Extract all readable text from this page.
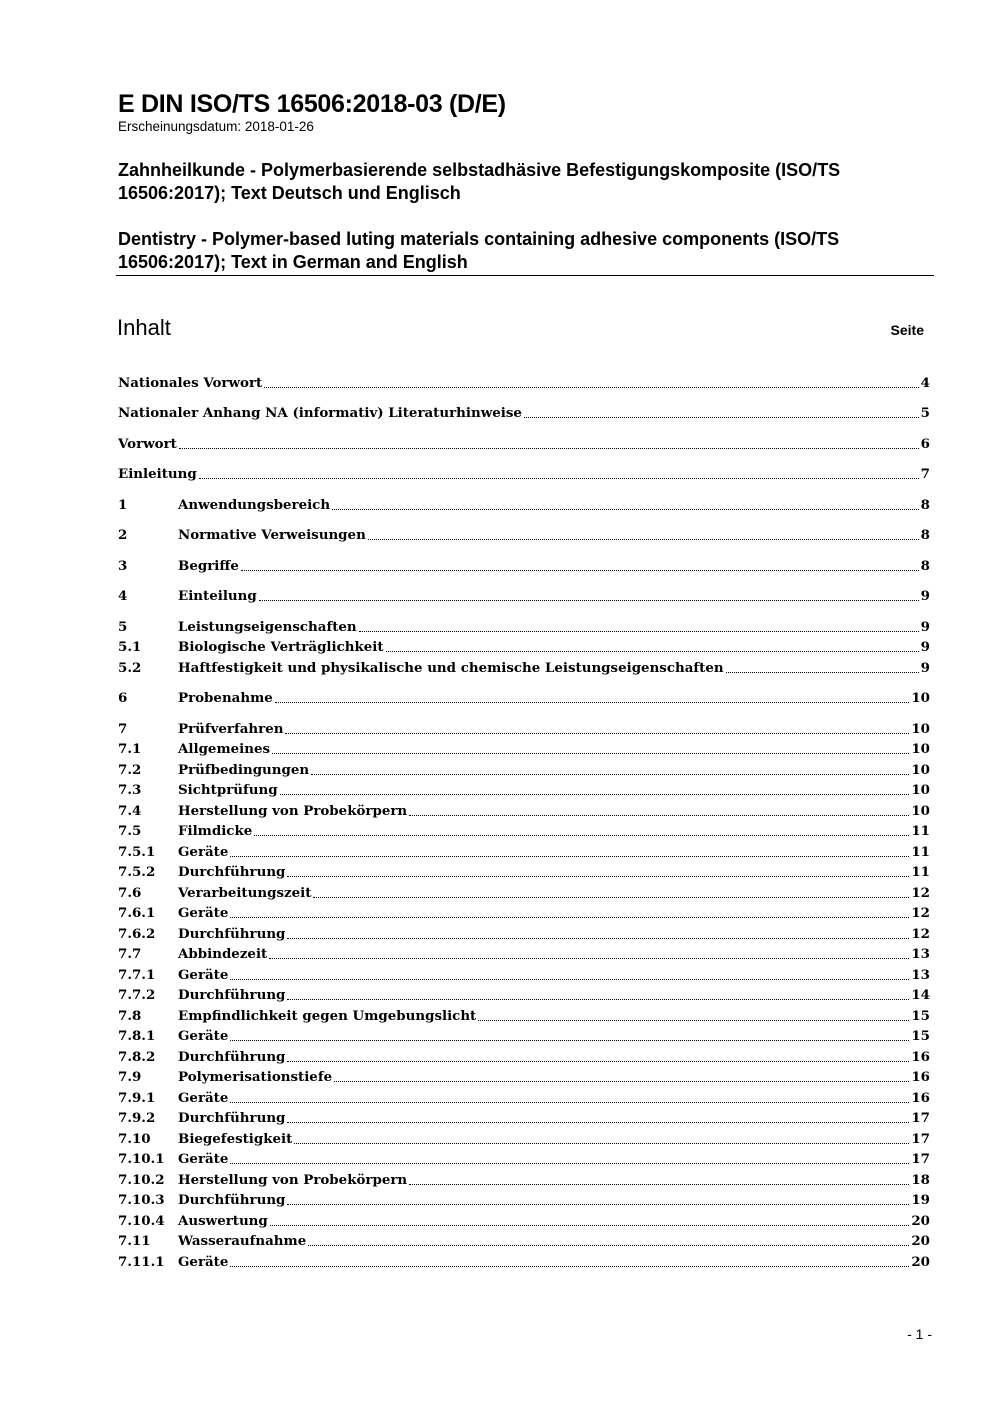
E DIN ISO/TS 16506:2018-03 (D/E)
Erscheinungsdatum: 2018-01-26
Zahnheilkunde - Polymerbasierende selbstadhäsive Befestigungskomposite (ISO/TS 16506:2017); Text Deutsch und Englisch
Dentistry - Polymer-based luting materials containing adhesive components (ISO/TS 16506:2017); Text in German and English
Inhalt	Seite
Nationales Vorwort	4
Nationaler Anhang NA (informativ) Literaturhinweise	5
Vorwort	6
Einleitung	7
1	Anwendungsbereich	8
2	Normative Verweisungen	8
3	Begriffe	8
4	Einteilung	9
5	Leistungseigenschaften	9
5.1	Biologische Verträglichkeit	9
5.2	Haftfestigkeit und physikalische und chemische Leistungseigenschaften	9
6	Probenahme	10
7	Prüfverfahren	10
7.1	Allgemeines	10
7.2	Prüfbedingungen	10
7.3	Sichtprüfung	10
7.4	Herstellung von Probekörpern	10
7.5	Filmdicke	11
7.5.1	Geräte	11
7.5.2	Durchführung	11
7.6	Verarbeitungszeit	12
7.6.1	Geräte	12
7.6.2	Durchführung	12
7.7	Abbindezeit	13
7.7.1	Geräte	13
7.7.2	Durchführung	14
7.8	Empfindlichkeit gegen Umgebungslicht	15
7.8.1	Geräte	15
7.8.2	Durchführung	16
7.9	Polymerisationstiefe	16
7.9.1	Geräte	16
7.9.2	Durchführung	17
7.10	Biegefestigkeit	17
7.10.1	Geräte	17
7.10.2	Herstellung von Probekörpern	18
7.10.3	Durchführung	19
7.10.4	Auswertung	20
7.11	Wasseraufnahme	20
7.11.1	Geräte	20
- 1 -
